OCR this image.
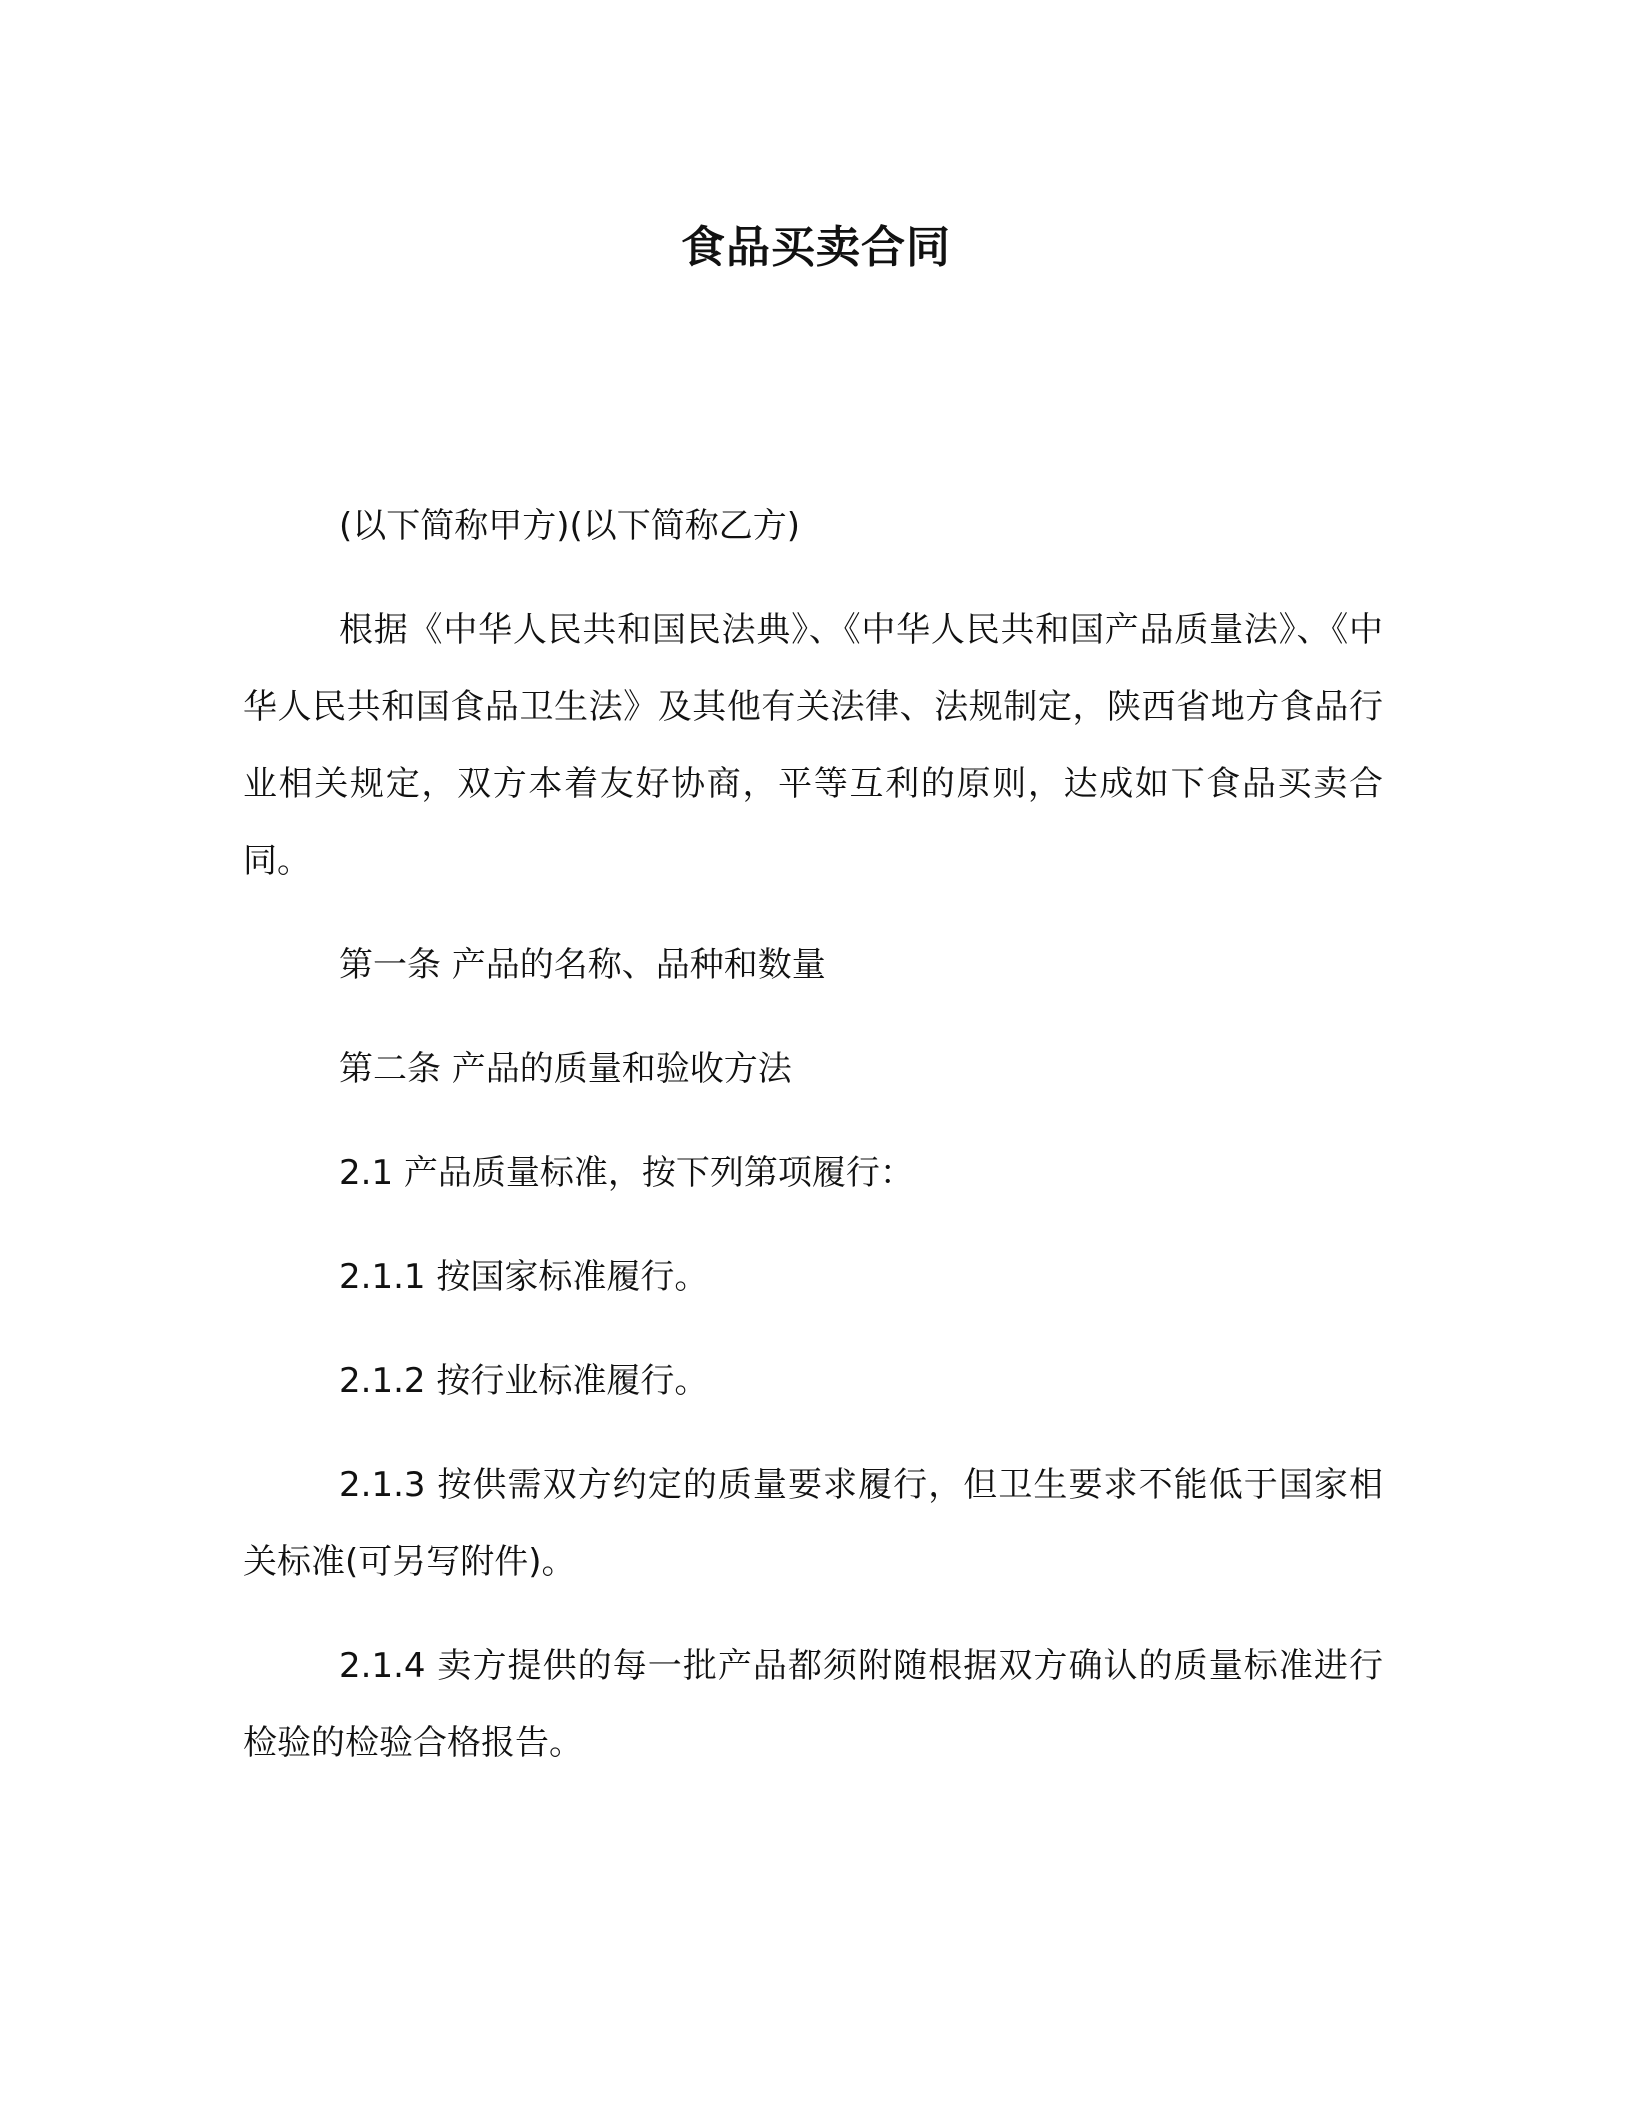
食品买卖合同

(以下简称甲方)(以下简称乙方)

根据《中华人民共和国民法典》、《中华人民共和国产品质量法》、《中华人民共和国食品卫生法》及其他有关法律、法规制定，陕西省地方食品行业相关规定，双方本着友好协商，平等互利的原则，达成如下食品买卖合同。

第一条 产品的名称、品种和数量

第二条 产品的质量和验收方法

2.1 产品质量标准，按下列第项履行：

2.1.1 按国家标准履行。

2.1.2 按行业标准履行。

2.1.3 按供需双方约定的质量要求履行，但卫生要求不能低于国家相关标准(可另写附件)。

2.1.4 卖方提供的每一批产品都须附随根据双方确认的质量标准进行检验的检验合格报告。
